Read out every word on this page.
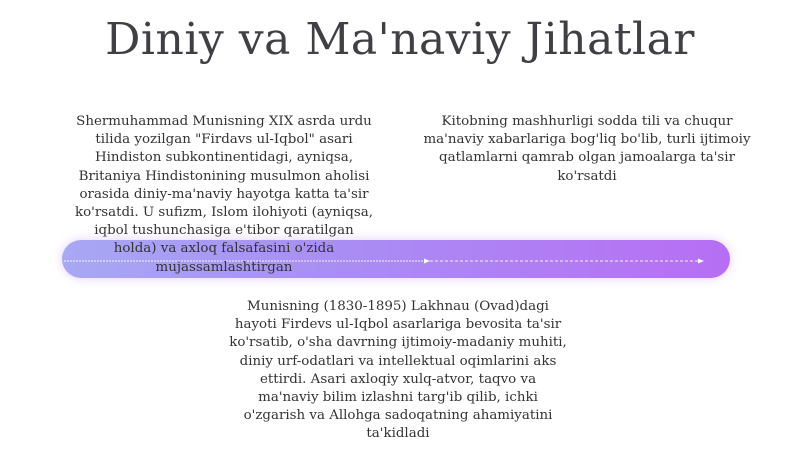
Diniy va Ma'naviy Jihatlar
Shermuhammad Munisning XIX asrda urdu tilida yozilgan "Firdavs ul-Iqbol" asari Hindiston subkontinentidagi, ayniqsa, Britaniya Hindistonining musulmon aholisi orasida diniy-ma'naviy hayotga katta ta'sir ko'rsatdi. U sufizm, Islom ilohiyoti (ayniqsa, iqbol tushunchasiga e'tibor qaratilgan holda) va axloq falsafasini o'zida mujassamlashtirgan
Kitobning mashhurligi sodda tili va chuqur ma'naviy xabarlariga bog'liq bo'lib, turli ijtimoiy qatlamlarni qamrab olgan jamoalarga ta'sir ko'rsatdi
Munisning (1830-1895) Lakhnau (Ovad)dagi hayoti Firdevs ul-Iqbol asarlariga bevosita ta'sir ko'rsatib, o'sha davrning ijtimoiy-madaniy muhiti, diniy urf-odatlari va intellektual oqimlarini aks ettirdi. Asari axloqiy xulq-atvor, taqvo va ma'naviy bilim izlashni targ'ib qilib, ichki o'zgarish va Allohga sadoqatning ahamiyatini ta'kidladi
